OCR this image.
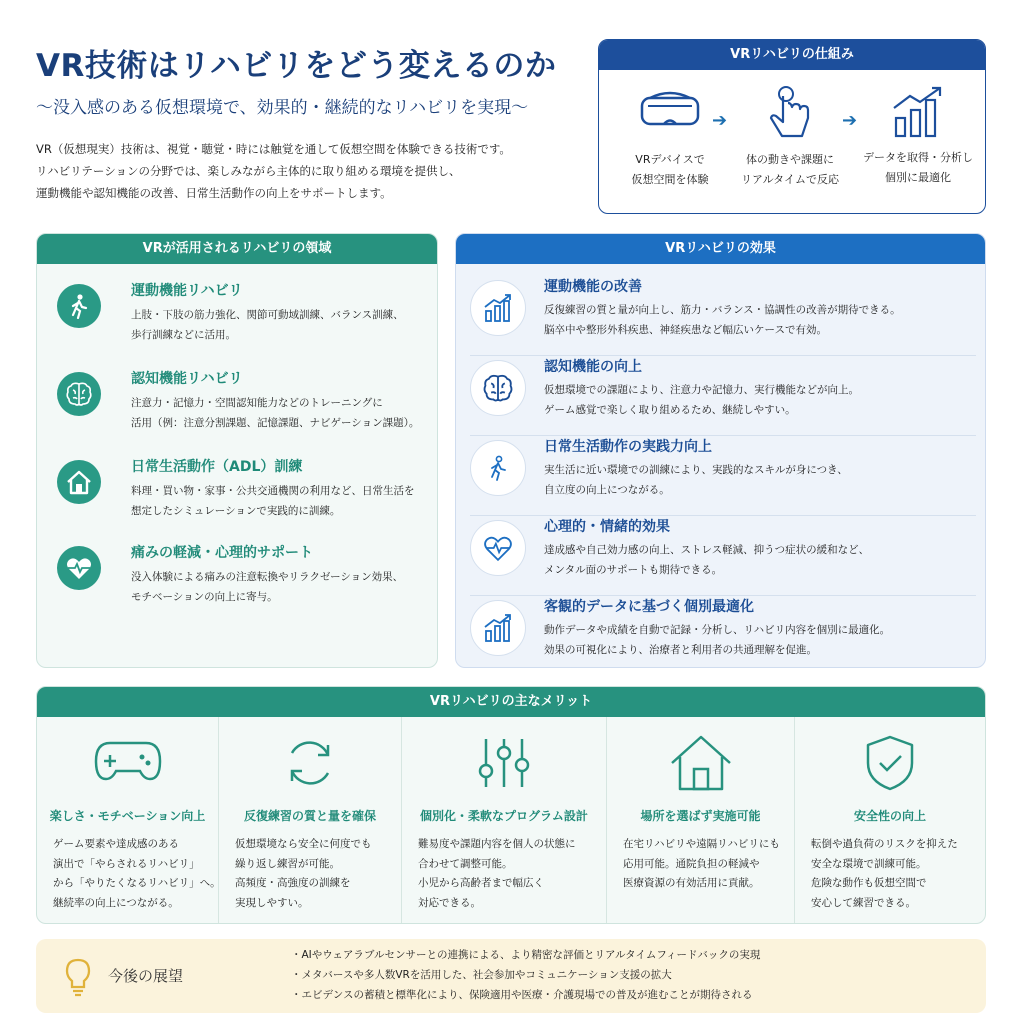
VR技術はリハビリをどう変えるのか
〜没入感のある仮想環境で、効果的・継続的なリハビリを実現〜

VR（仮想現実）技術は、視覚・聴覚・時には触覚を通して仮想空間を体験できる技術です。

リハビリテーションの分野では、楽しみながら主体的に取り組める環境を提供し、

運動機能や認知機能の改善、日常生活動作の向上をサポートします。

VRリハビリの仕組み
VRデバイスで
仮想空間を体験
➔
体の動きや課題に
リアルタイムで反応
➔
データを取得・分析し
個別に最適化
VRが活用されるリハビリの領域
運動機能リハビリ
上肢・下肢の筋力強化、関節可動域訓練、バランス訓練、
歩行訓練などに活用。
認知機能リハビリ
注意力・記憶力・空間認知能力などのトレーニングに
活用（例：注意分割課題、記憶課題、ナビゲーション課題）。
日常生活動作（ADL）訓練
料理・買い物・家事・公共交通機関の利用など、日常生活を
想定したシミュレーションで実践的に訓練。
痛みの軽減・心理的サポート
没入体験による痛みの注意転換やリラクゼーション効果、
モチベーションの向上に寄与。
VRリハビリの効果
運動機能の改善
反復練習の質と量が向上し、筋力・バランス・協調性の改善が期待できる。
脳卒中や整形外科疾患、神経疾患など幅広いケースで有効。
認知機能の向上
仮想環境での課題により、注意力や記憶力、実行機能などが向上。
ゲーム感覚で楽しく取り組めるため、継続しやすい。
日常生活動作の実践力向上
実生活に近い環境での訓練により、実践的なスキルが身につき、
自立度の向上につながる。
心理的・情緒的効果
達成感や自己効力感の向上、ストレス軽減、抑うつ症状の緩和など、
メンタル面のサポートも期待できる。
客観的データに基づく個別最適化
動作データや成績を自動で記録・分析し、リハビリ内容を個別に最適化。
効果の可視化により、治療者と利用者の共通理解を促進。
VRリハビリの主なメリット
楽しさ・モチベーション向上
ゲーム要素や達成感のある
演出で「やらされるリハビリ」
から「やりたくなるリハビリ」へ。
継続率の向上につながる。
反復練習の質と量を確保
仮想環境なら安全に何度でも
繰り返し練習が可能。
高頻度・高強度の訓練を
実現しやすい。
個別化・柔軟なプログラム設計
難易度や課題内容を個人の状態に
合わせて調整可能。
小児から高齢者まで幅広く
対応できる。
場所を選ばず実施可能
在宅リハビリや遠隔リハビリにも
応用可能。通院負担の軽減や
医療資源の有効活用に貢献。
安全性の向上
転倒や過負荷のリスクを抑えた
安全な環境で訓練可能。
危険な動作も仮想空間で
安心して練習できる。
今後の展望
・ AIやウェアラブルセンサーとの連携による、より精密な評価とリアルタイムフィードバックの実現
・ メタバースや多人数VRを活用した、社会参加やコミュニケーション支援の拡大
・ エビデンスの蓄積と標準化により、保険適用や医療・介護現場での普及が進むことが期待される
